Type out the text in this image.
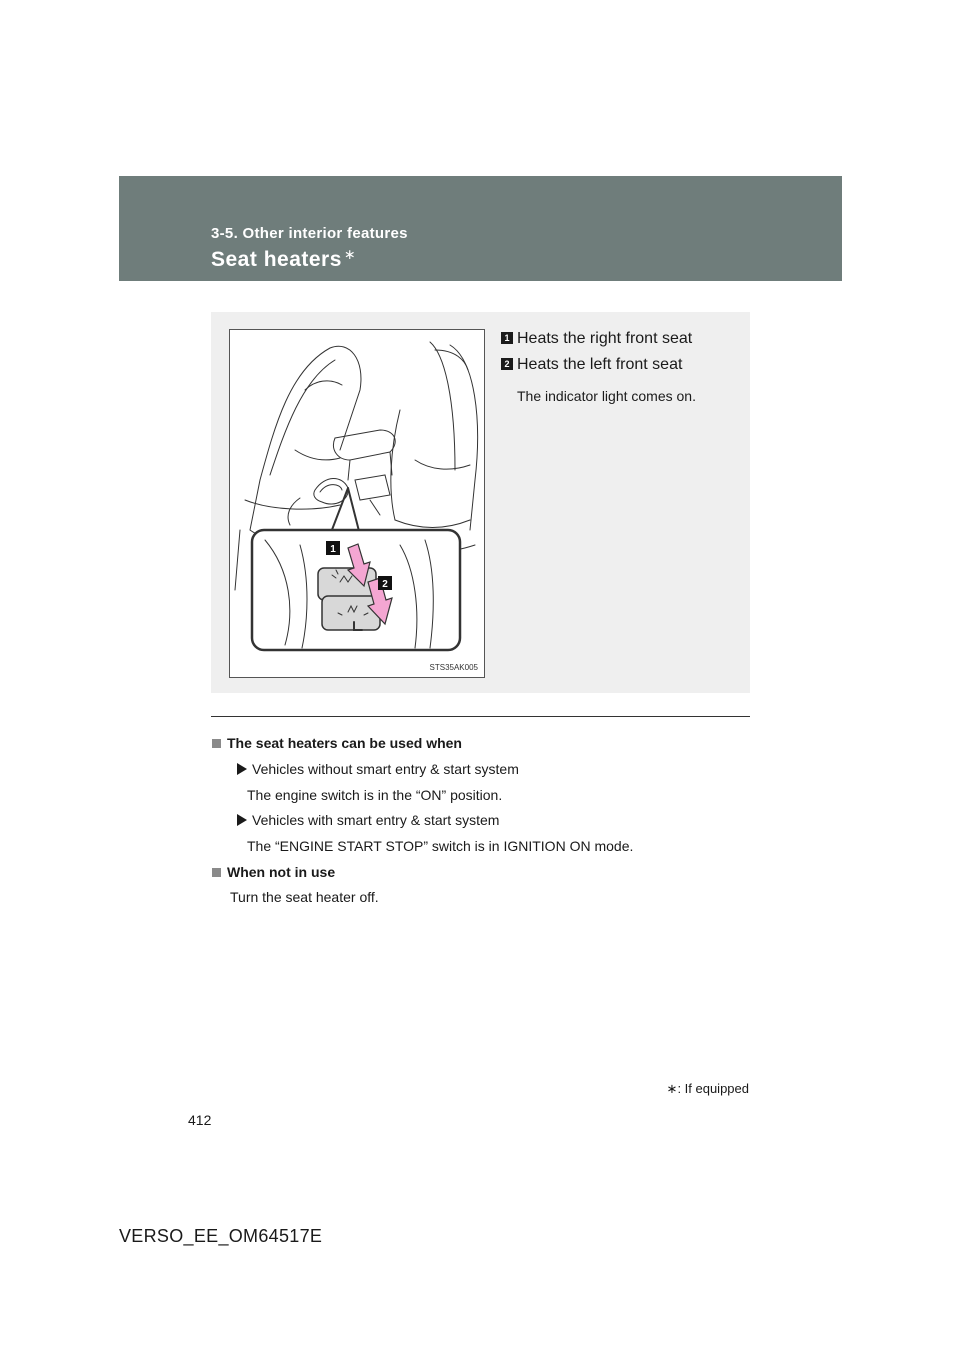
3-5. Other interior features
Seat heaters ∗
1
2
STS35AK005
1 Heats the right front seat
2 Heats the left front seat
The indicator light comes on.
The seat heaters can be used when
Vehicles without smart entry & start system
The engine switch is in the “ON” position.
Vehicles with smart entry & start system
The “ENGINE START STOP” switch is in IGNITION ON mode.
When not in use
Turn the seat heater off.
∗: If equipped
412
VERSO_EE_OM64517E
